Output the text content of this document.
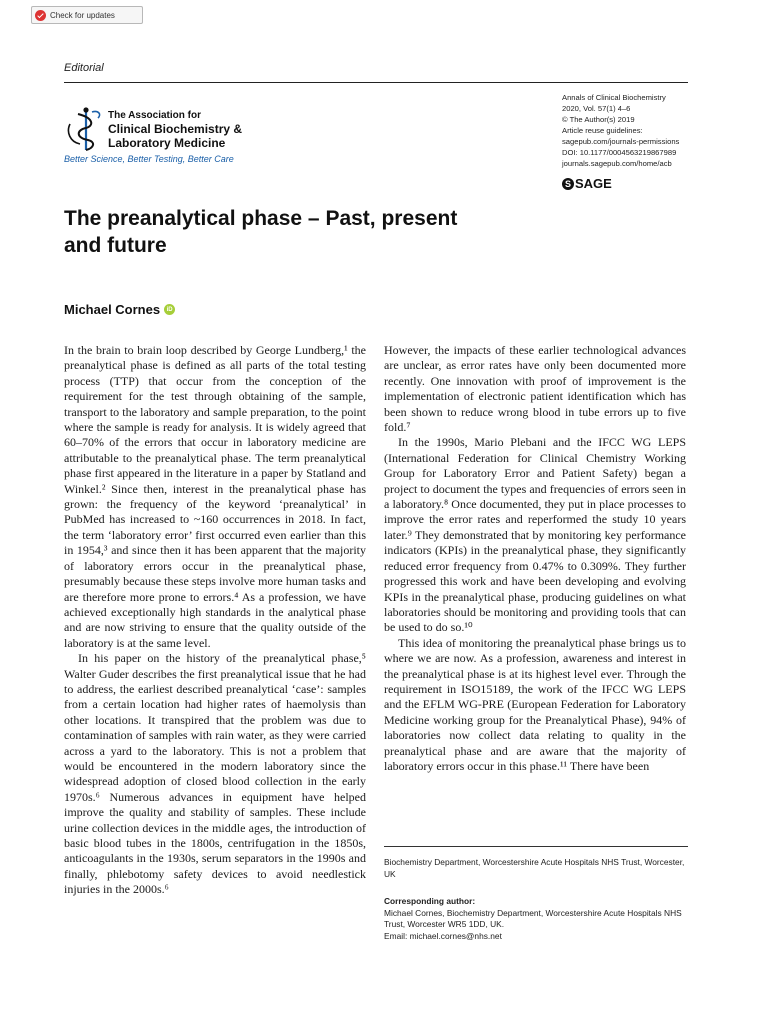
Check for updates
Editorial
The Association for
Clinical Biochemistry &
Laboratory Medicine
Better Science, Better Testing, Better Care
Annals of Clinical Biochemistry
2020, Vol. 57(1) 4–6
© The Author(s) 2019
Article reuse guidelines:
sagepub.com/journals-permissions
DOI: 10.1177/0004563219867989
journals.sagepub.com/home/acb
S SAGE
The preanalytical phase – Past, present and future
Michael Cornes	iD

In the brain to brain loop described by George Lundberg,¹ the preanalytical phase is defined as all parts of the total testing process (TTP) that occur from the conception of the requirement for the test through obtaining of the sample, transport to the laboratory and sample preparation, to the point where the sample is ready for analysis. It is widely agreed that 60–70% of the errors that occur in laboratory medicine are attributable to the preanalytical phase. The term preanalytical phase first appeared in the literature in a paper by Statland and Winkel.² Since then, interest in the preanalytical phase has grown: the frequency of the keyword ‘preanalytical’ in PubMed has increased to ~160 occurrences in 2018. In fact, the term ‘laboratory error’ first occurred even earlier than this in 1954,³ and since then it has been apparent that the majority of laboratory errors occur in the preanalytical phase, presumably because these steps involve more human tasks and are therefore more prone to errors.⁴ As a profession, we have achieved exceptionally high standards in the analytical phase and are now striving to ensure that the quality outside of the laboratory is at the same level.

In his paper on the history of the preanalytical phase,⁵ Walter Guder describes the first preanalytical issue that he had to address, the earliest described preanalytical ‘case’: samples from a certain location had higher rates of haemolysis than other locations. It transpired that the problem was due to contamination of samples with rain water, as they were carried across a yard to the laboratory. This is not a problem that would be encountered in the modern laboratory since the widespread adoption of closed blood collection in the early 1970s.⁶ Numerous advances in equipment have helped improve the quality and stability of samples. These include urine collection devices in the middle ages, the introduction of basic blood tubes in the 1800s, centrifugation in the 1850s, anticoagulants in the 1930s, serum separators in the 1990s and finally, phlebotomy safety devices to avoid needlestick injuries in the 2000s.⁶

However, the impacts of these earlier technological advances are unclear, as error rates have only been documented more recently. One innovation with proof of improvement is the implementation of electronic patient identification which has been shown to reduce wrong blood in tube errors up to five fold.⁷

In the 1990s, Mario Plebani and the IFCC WG LEPS (International Federation for Clinical Chemistry Working Group for Laboratory Error and Patient Safety) began a project to document the types and frequencies of errors seen in a laboratory.⁸ Once documented, they put in place processes to improve the error rates and reperformed the study 10 years later.⁹ They demonstrated that by monitoring key performance indicators (KPIs) in the preanalytical phase, they significantly reduced error frequency from 0.47% to 0.309%. They further progressed this work and have been developing and evolving KPIs in the preanalytical phase, producing guidelines on what laboratories should be monitoring and providing tools that can be used to do so.¹⁰

This idea of monitoring the preanalytical phase brings us to where we are now. As a profession, awareness and interest in the preanalytical phase is at its highest level ever. Through the requirement in ISO15189, the work of the IFCC WG LEPS and the EFLM WG-PRE (European Federation for Laboratory Medicine working group for the Preanalytical Phase), 94% of laboratories now collect data relating to quality in the preanalytical phase and are aware that the majority of laboratory errors occur in this phase.¹¹ There have been

Biochemistry Department, Worcestershire Acute Hospitals NHS Trust, Worcester, UK
Corresponding author:
Michael Cornes, Biochemistry Department, Worcestershire Acute Hospitals NHS Trust, Worcester WR5 1DD, UK.
Email: michael.cornes@nhs.net
